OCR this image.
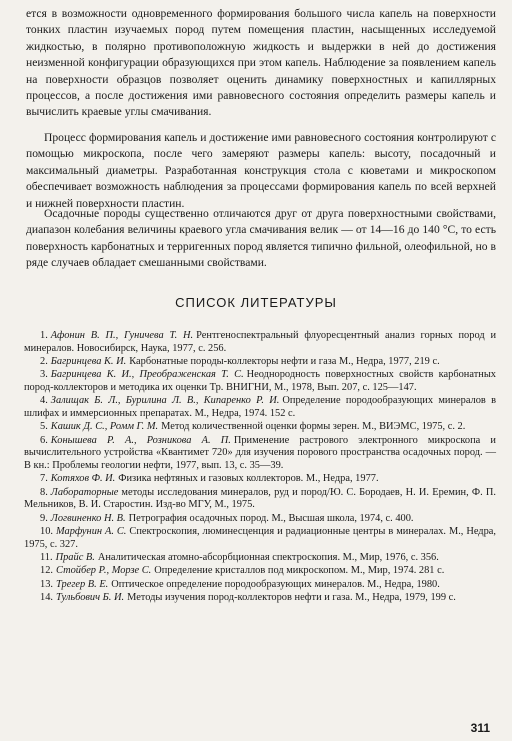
ется в возможности одновременного формирования большого числа капель на поверхности тонких пластин изучаемых пород путем помещения пластин, насыщенных исследуемой жидкостью, в полярно противоположную жидкость и выдержки в ней до достижения неизменной конфигурации образующихся при этом капель. Наблюдение за появлением капель на поверхности образцов позволяет оценить динамику поверхностных и капиллярных процессов, а после достижения ими равновесного состояния определить размеры капель и вычислить краевые углы смачивания.

Процесс формирования капель и достижение ими равновесного состояния контролируют с помощью микроскопа, после чего замеряют размеры капель: высоту, посадочный и максимальный диаметры. Разработанная конструкция стола с кюветами и микроскопом обеспечивает возможность наблюдения за процессами формирования капель по всей верхней и нижней поверхности пластин.

Осадочные породы существенно отличаются друг от друга поверхностными свойствами, диапазон колебания величины краевого угла смачивания велик — от 14—16 до 140 °C, то есть поверхность карбонатных и терригенных пород является типично фильной, олеофильной, но в ряде случаев обладает смешанными свойствами.

СПИСОК ЛИТЕРАТУРЫ
1. Афонин В. П., Гуничева Т. Н. Рентгеноспектральный флуоресцентный анализ горных пород и минералов. Новосибирск, Наука, 1977, с. 256.
2. Багринцева К. И. Карбонатные породы-коллекторы нефти и газа М., Недра, 1977, 219 с.
3. Багринцева К. И., Преображенская Т. С. Неоднородность поверхностных свойств карбонатных пород-коллекторов и методика их оценки Тр. ВНИГНИ, М., 1978, Вып. 207, с. 125—147.
4. Залищак Б. Л., Бурилина Л. В., Кипаренко Р. И. Определение породообразующих минералов в шлифах и иммерсионных препаратах. М., Недра, 1974. 152 с.
5. Кашик Д. С., Ромм Г. М. Метод количественной оценки формы зерен. М., ВИЭМС, 1975, с. 2.
6. Конышева Р. А., Розникова А. П. Применение растрового электронного микроскопа и вычислительного устройства «Квантимет 720» для изучения порового пространства осадочных пород. — В кн.: Проблемы геологии нефти, 1977, вып. 13, с. 35—39.
7. Котяхов Ф. И. Физика нефтяных и газовых коллекторов. М., Недра, 1977.
8. Лабораторные методы исследования минералов, руд и пород/Ю. С. Бородаев, Н. И. Еремин, Ф. П. Мельников, В. И. Старостин. Изд-во МГУ, М., 1975.
9. Логвиненко Н. В. Петрография осадочных пород. М., Высшая школа, 1974, с. 400.
10. Марфунин А. С. Спектроскопия, люминесценция и радиационные центры в минералах. М., Недра, 1975, с. 327.
11. Прайс В. Аналитическая атомно-абсорбционная спектроскопия. М., Мир, 1976, с. 356.
12. Стойбер Р., Морзе С. Определение кристаллов под микроскопом. М., Мир, 1974. 281 с.
13. Трегер В. Е. Оптическое определение породообразующих минералов. М., Недра, 1980.
14. Тульбович Б. И. Методы изучения пород-коллекторов нефти и газа. М., Недра, 1979, 199 с.

311
